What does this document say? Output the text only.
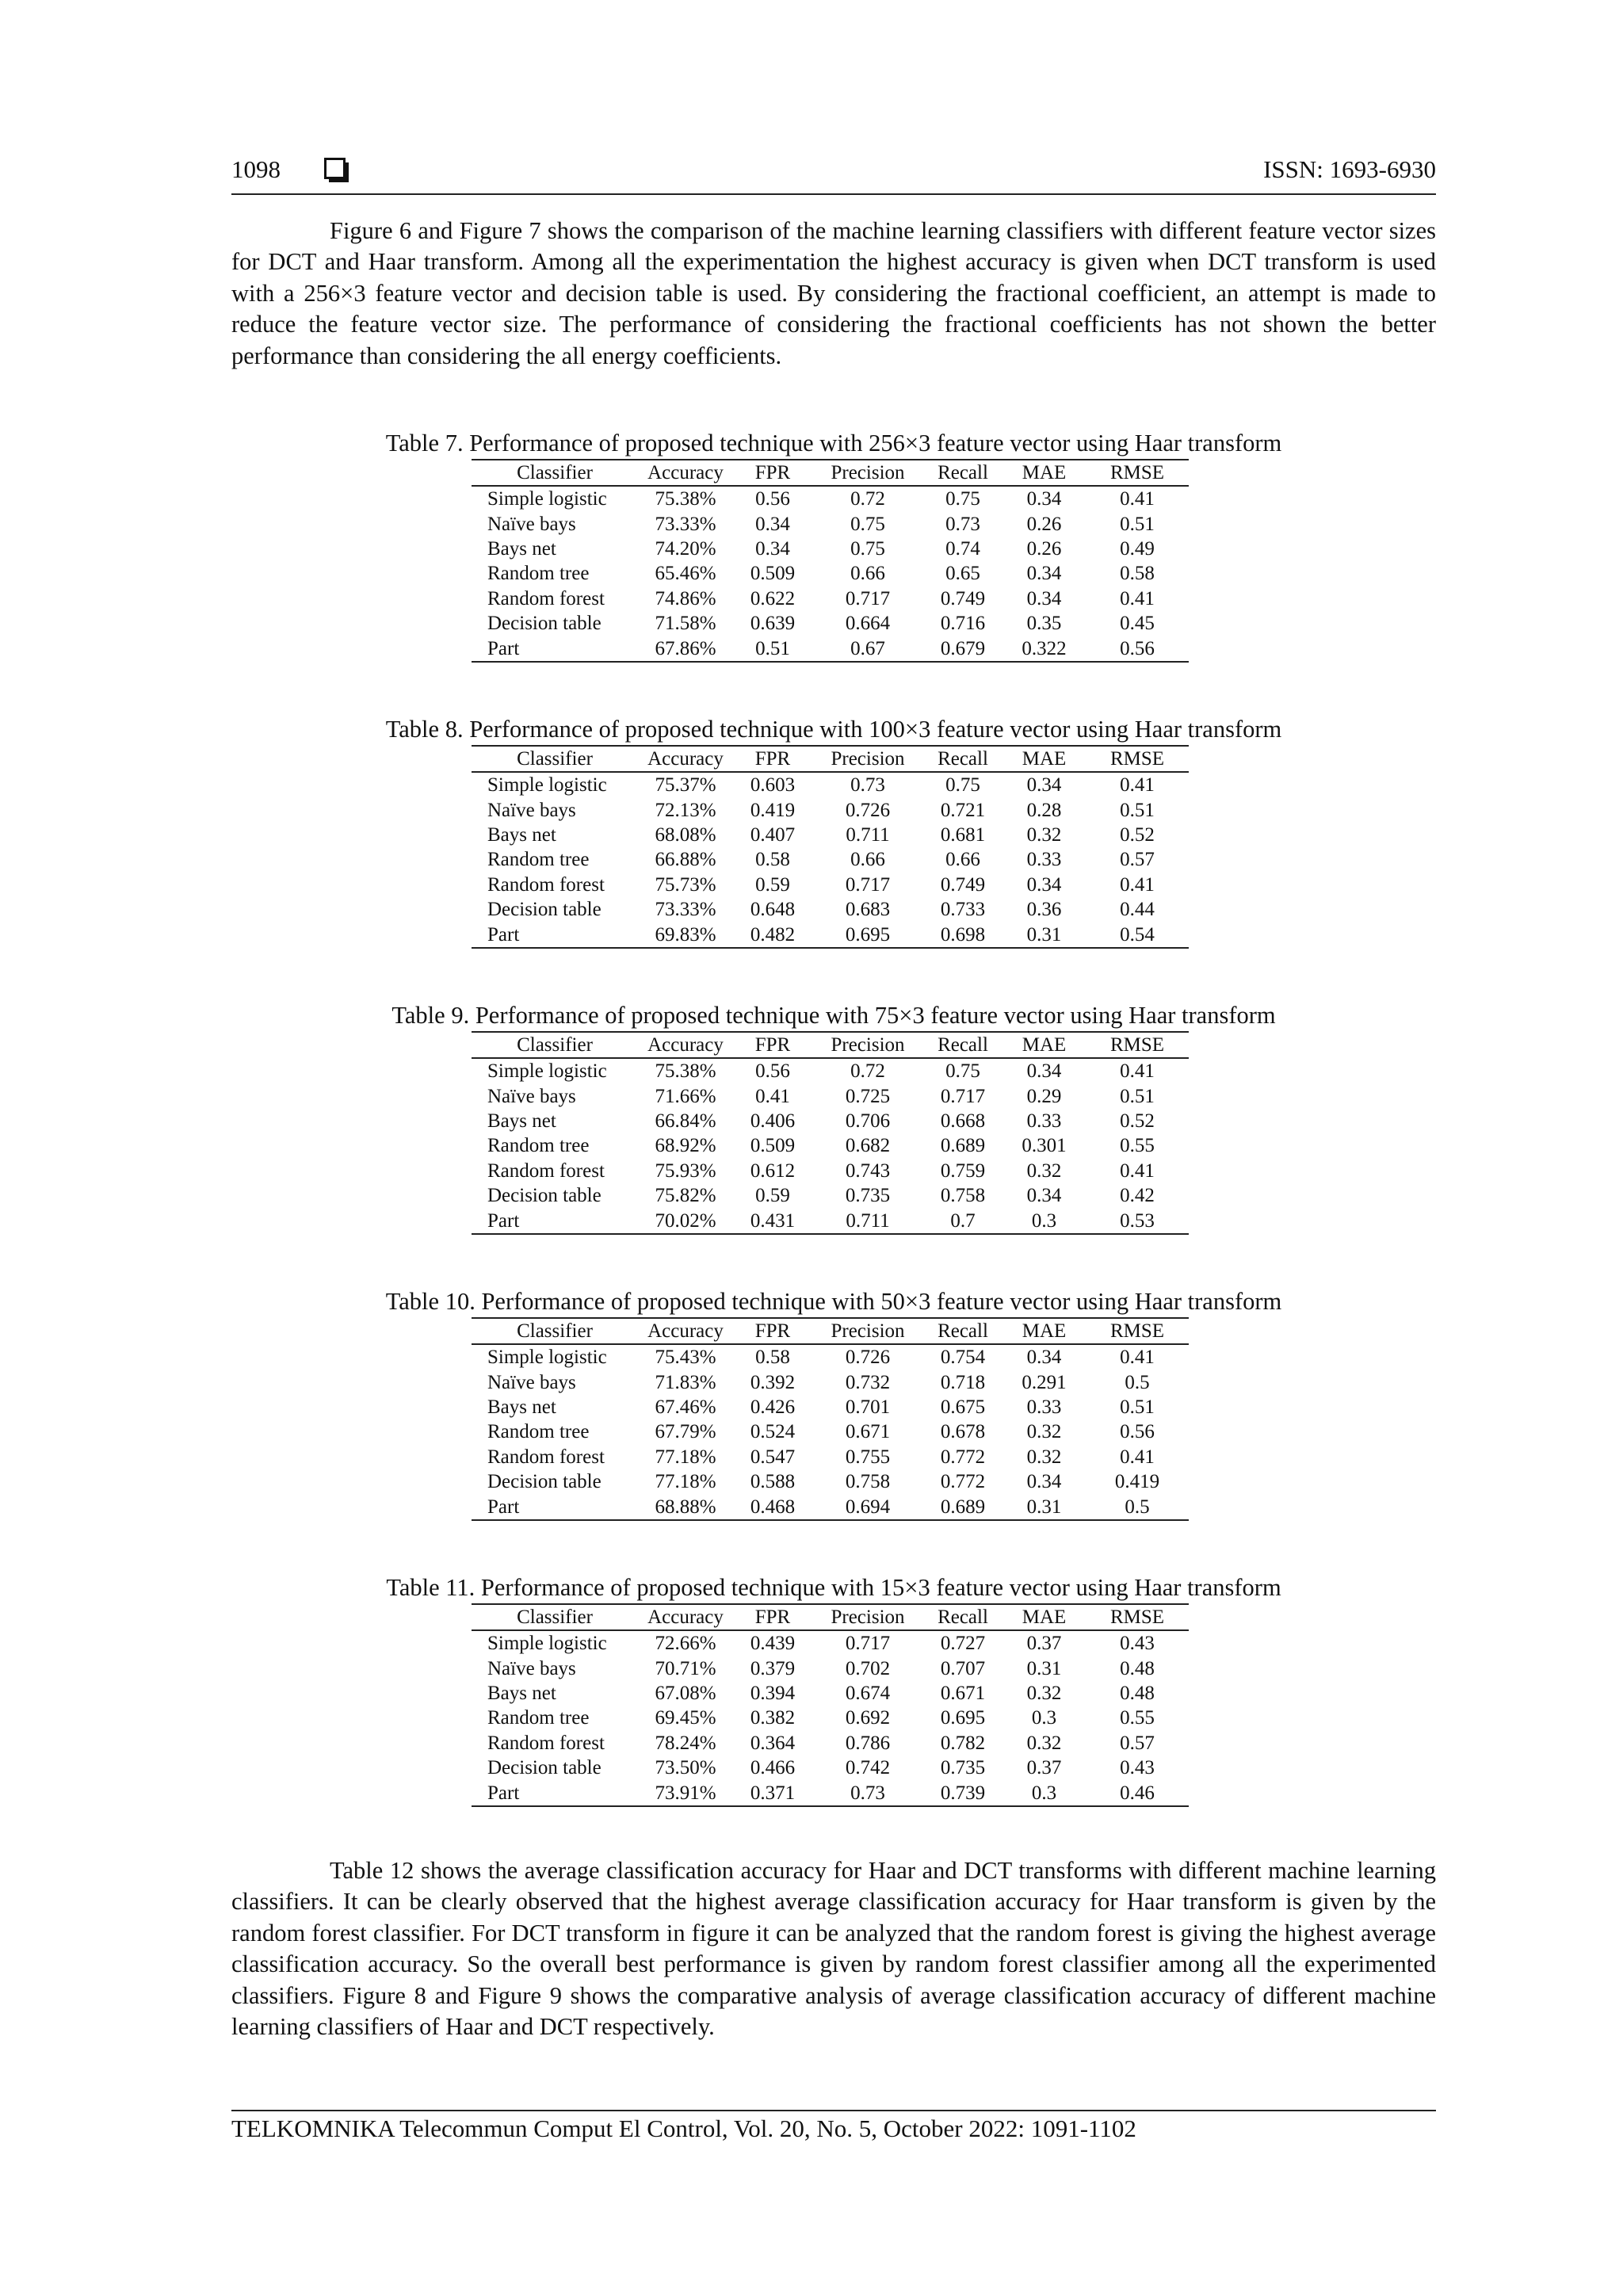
1098	ISSN: 1693-6930

Figure 6 and Figure 7 shows the comparison of the machine learning classifiers with different feature vector sizes for DCT and Haar transform. Among all the experimentation the highest accuracy is given when DCT transform is used with a 256×3 feature vector and decision table is used. By considering the fractional coefficient, an attempt is made to reduce the feature vector size. The performance of considering the fractional coefficients has not shown the better performance than considering the all energy coefficients.

Table 7. Performance of proposed technique with 256×3 feature vector using Haar transform
Classifier	Accuracy	FPR	Precision	Recall	MAE	RMSE
Simple logistic	75.38%	0.56	0.72	0.75	0.34	0.41
Naïve bays	73.33%	0.34	0.75	0.73	0.26	0.51
Bays net	74.20%	0.34	0.75	0.74	0.26	0.49
Random tree	65.46%	0.509	0.66	0.65	0.34	0.58
Random forest	74.86%	0.622	0.717	0.749	0.34	0.41
Decision table	71.58%	0.639	0.664	0.716	0.35	0.45
Part	67.86%	0.51	0.67	0.679	0.322	0.56
Table 8. Performance of proposed technique with 100×3 feature vector using Haar transform
Classifier	Accuracy	FPR	Precision	Recall	MAE	RMSE
Simple logistic	75.37%	0.603	0.73	0.75	0.34	0.41
Naïve bays	72.13%	0.419	0.726	0.721	0.28	0.51
Bays net	68.08%	0.407	0.711	0.681	0.32	0.52
Random tree	66.88%	0.58	0.66	0.66	0.33	0.57
Random forest	75.73%	0.59	0.717	0.749	0.34	0.41
Decision table	73.33%	0.648	0.683	0.733	0.36	0.44
Part	69.83%	0.482	0.695	0.698	0.31	0.54
Table 9. Performance of proposed technique with 75×3 feature vector using Haar transform
Classifier	Accuracy	FPR	Precision	Recall	MAE	RMSE
Simple logistic	75.38%	0.56	0.72	0.75	0.34	0.41
Naïve bays	71.66%	0.41	0.725	0.717	0.29	0.51
Bays net	66.84%	0.406	0.706	0.668	0.33	0.52
Random tree	68.92%	0.509	0.682	0.689	0.301	0.55
Random forest	75.93%	0.612	0.743	0.759	0.32	0.41
Decision table	75.82%	0.59	0.735	0.758	0.34	0.42
Part	70.02%	0.431	0.711	0.7	0.3	0.53
Table 10. Performance of proposed technique with 50×3 feature vector using Haar transform
Classifier	Accuracy	FPR	Precision	Recall	MAE	RMSE
Simple logistic	75.43%	0.58	0.726	0.754	0.34	0.41
Naïve bays	71.83%	0.392	0.732	0.718	0.291	0.5
Bays net	67.46%	0.426	0.701	0.675	0.33	0.51
Random tree	67.79%	0.524	0.671	0.678	0.32	0.56
Random forest	77.18%	0.547	0.755	0.772	0.32	0.41
Decision table	77.18%	0.588	0.758	0.772	0.34	0.419
Part	68.88%	0.468	0.694	0.689	0.31	0.5
Table 11. Performance of proposed technique with 15×3 feature vector using Haar transform
Classifier	Accuracy	FPR	Precision	Recall	MAE	RMSE
Simple logistic	72.66%	0.439	0.717	0.727	0.37	0.43
Naïve bays	70.71%	0.379	0.702	0.707	0.31	0.48
Bays net	67.08%	0.394	0.674	0.671	0.32	0.48
Random tree	69.45%	0.382	0.692	0.695	0.3	0.55
Random forest	78.24%	0.364	0.786	0.782	0.32	0.57
Decision table	73.50%	0.466	0.742	0.735	0.37	0.43
Part	73.91%	0.371	0.73	0.739	0.3	0.46

Table 12 shows the average classification accuracy for Haar and DCT transforms with different machine learning classifiers. It can be clearly observed that the highest average classification accuracy for Haar transform is given by the random forest classifier. For DCT transform in figure it can be analyzed that the random forest is giving the highest average classification accuracy. So the overall best performance is given by random forest classifier among all the experimented classifiers. Figure 8 and Figure 9 shows the comparative analysis of average classification accuracy of different machine learning classifiers of Haar and DCT respectively.

TELKOMNIKA Telecommun Comput El Control, Vol. 20, No. 5, October 2022: 1091-1102
